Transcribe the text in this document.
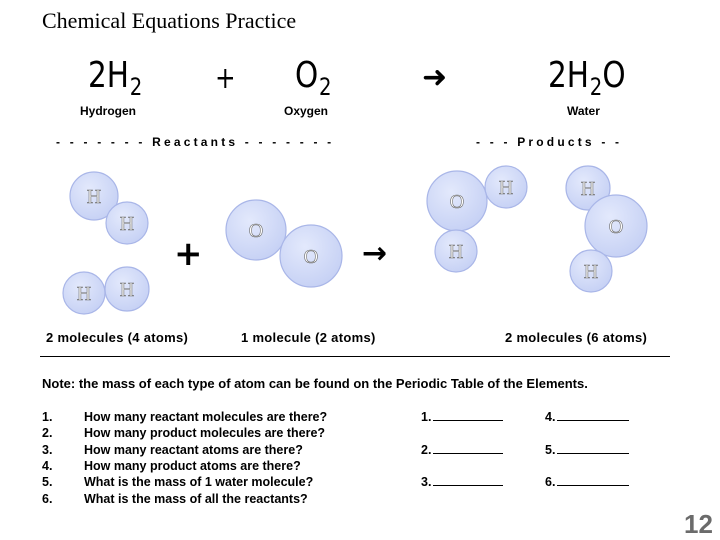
Chemical Equations Practice
$2H_2 + O_2$	➜	$2H_2O$
Hydrogen	Oxygen	Water
- - - - - - - Reactants - - - - - - -	- - - Products - -
H
H
H H
O
O
O
H
H
H
O
H
+	→
2 molecules (4 atoms)	1 molecule (2 atoms)	2 molecules (6 atoms)
Note: the mass of each type of atom can be found on the Periodic Table of the Elements.
1.	How many reactant molecules are there?
2.	How many product molecules are there?
3.	How many reactant atoms are there?
4.	How many product atoms are there?
5.	What is the mass of 1 water molecule?
6.	What is the mass of all the reactants?
1.	4.
2.	5.
3.	6.
12
